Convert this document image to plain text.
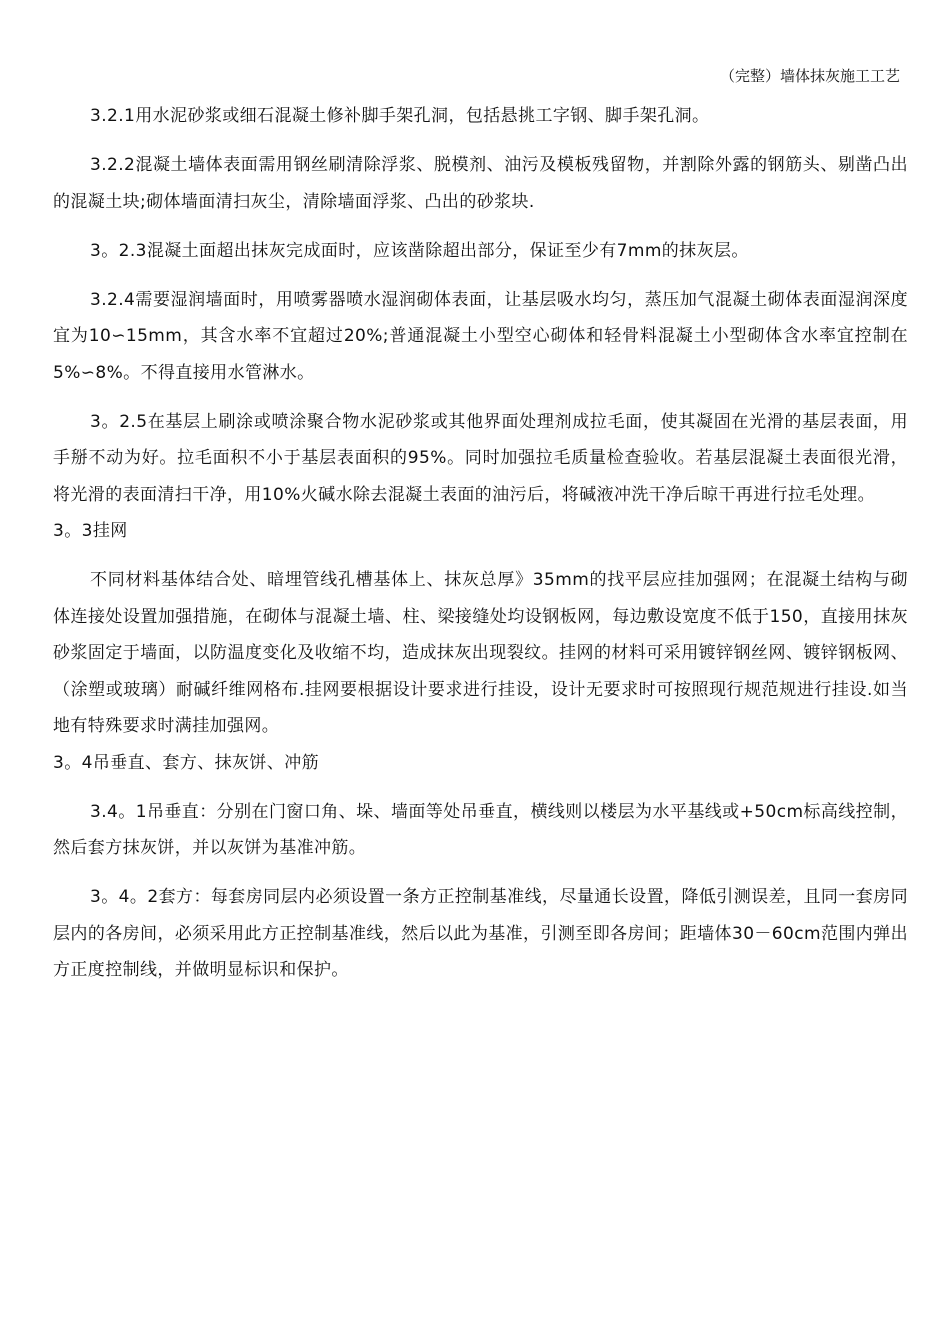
（完整）墙体抹灰施工工艺

3.2.1用水泥砂浆或细石混凝土修补脚手架孔洞，包括悬挑工字钢、脚手架孔洞。

3.2.2混凝土墙体表面需用钢丝刷清除浮浆、脱模剂、油污及模板残留物，并割除外露的钢筋头、剔凿凸出的混凝土块;砌体墙面清扫灰尘，清除墙面浮浆、凸出的砂浆块.

3。2.3混凝土面超出抹灰完成面时，应该凿除超出部分，保证至少有7mm的抹灰层。

3.2.4需要湿润墙面时，用喷雾器喷水湿润砌体表面，让基层吸水均匀，蒸压加气混凝土砌体表面湿润深度宜为10∽15mm，其含水率不宜超过20%;普通混凝土小型空心砌体和轻骨料混凝土小型砌体含水率宜控制在5%∽8%。不得直接用水管淋水。

3。2.5在基层上刷涂或喷涂聚合物水泥砂浆或其他界面处理剂成拉毛面，使其凝固在光滑的基层表面，用手掰不动为好。拉毛面积不小于基层表面积的95%。同时加强拉毛质量检查验收。若基层混凝土表面很光滑，将光滑的表面清扫干净，用10%火碱水除去混凝土表面的油污后，将碱液冲洗干净后晾干再进行拉毛处理。

3。3挂网

不同材料基体结合处、暗埋管线孔槽基体上、抹灰总厚》35mm的找平层应挂加强网；在混凝土结构与砌体连接处设置加强措施，在砌体与混凝土墙、柱、梁接缝处均设钢板网，每边敷设宽度不低于150，直接用抹灰砂浆固定于墙面，以防温度变化及收缩不均，造成抹灰出现裂纹。挂网的材料可采用镀锌钢丝网、镀锌钢板网、（涂塑或玻璃）耐碱纤维网格布.挂网要根据设计要求进行挂设，设计无要求时可按照现行规范规进行挂设.如当地有特殊要求时满挂加强网。

3。4吊垂直、套方、抹灰饼、冲筋

3.4。1吊垂直：分别在门窗口角、垛、墙面等处吊垂直，横线则以楼层为水平基线或+50cm标高线控制，然后套方抹灰饼，并以灰饼为基准冲筋。

3。4。2套方：每套房同层内必须设置一条方正控制基准线，尽量通长设置，降低引测误差，且同一套房同层内的各房间，必须采用此方正控制基准线，然后以此为基准，引测至即各房间；距墙体30－60cm范围内弹出方正度控制线，并做明显标识和保护。
